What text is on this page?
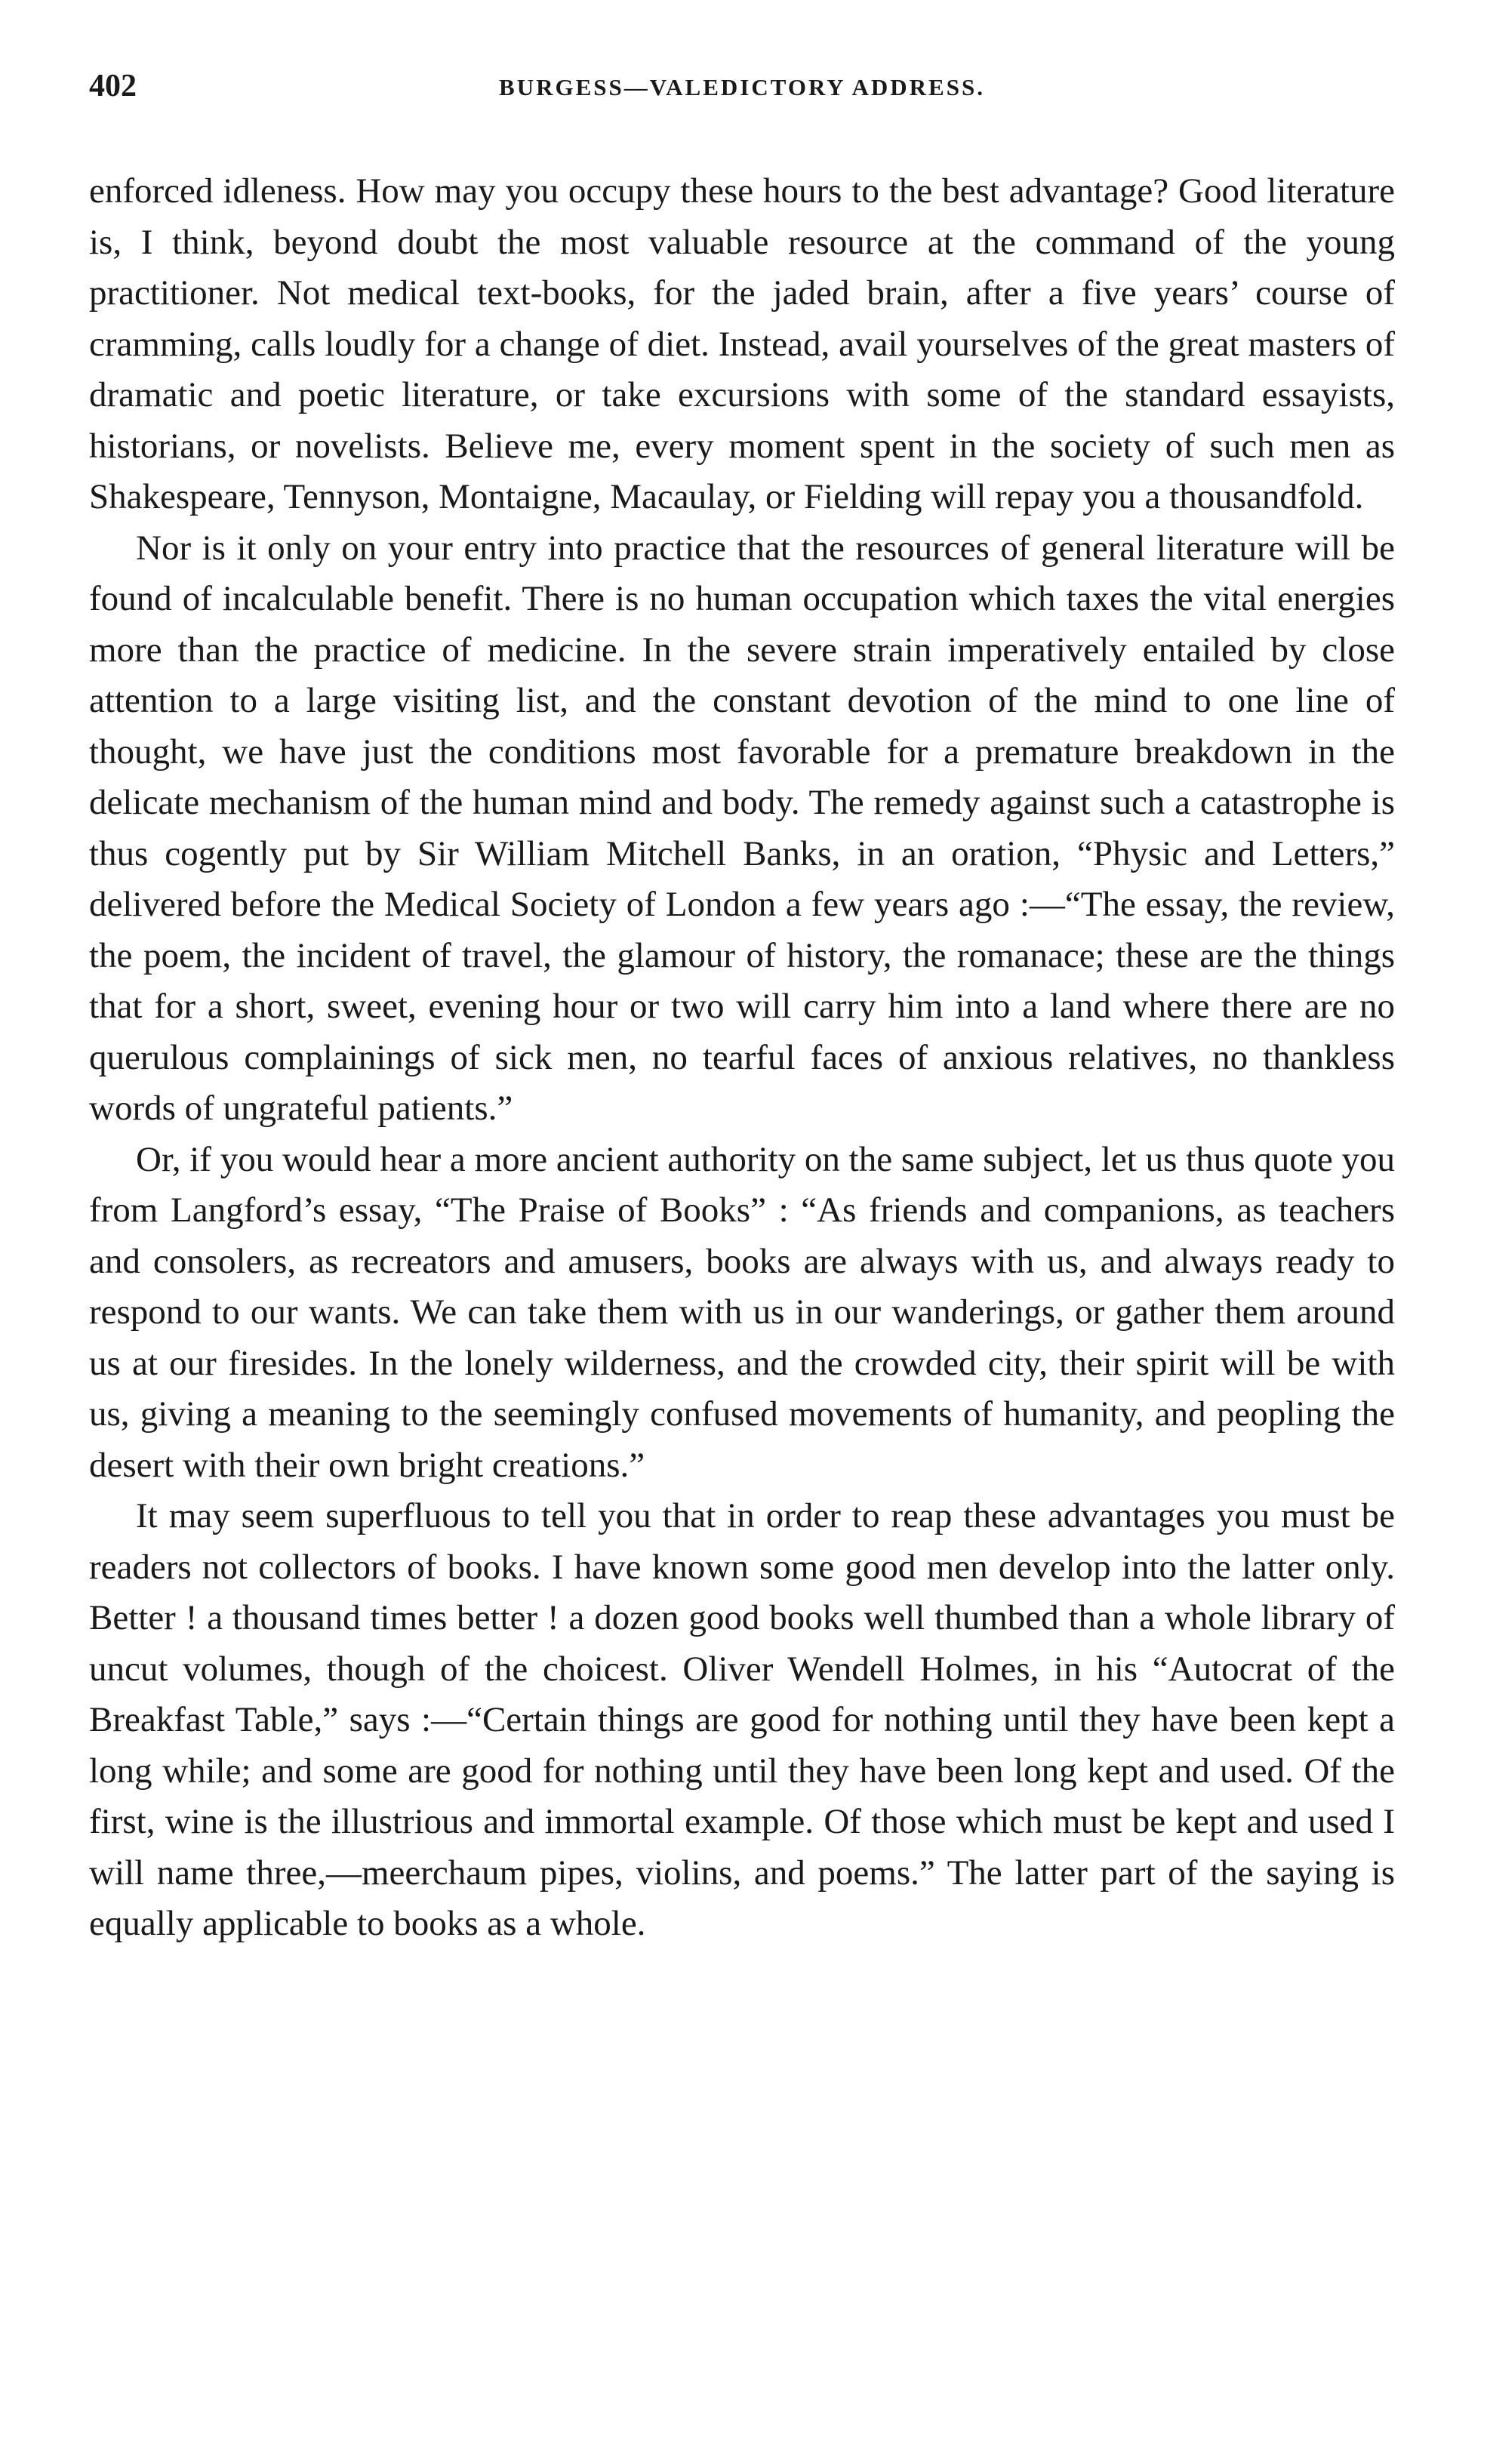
402	BURGESS—VALEDICTORY ADDRESS.

enforced idleness. How may you occupy these hours to the best advantage? Good literature is, I think, beyond doubt the most valuable resource at the command of the young practitioner. Not medical text-books, for the jaded brain, after a five years’ course of cramming, calls loudly for a change of diet. Instead, avail yourselves of the great masters of dramatic and poetic literature, or take excursions with some of the standard essayists, historians, or novelists. Believe me, every moment spent in the society of such men as Shakespeare, Tennyson, Montaigne, Macaulay, or Fielding will repay you a thousandfold.

Nor is it only on your entry into practice that the resources of general literature will be found of incalculable benefit. There is no human occupation which taxes the vital energies more than the practice of medicine. In the severe strain imperatively entailed by close attention to a large visiting list, and the constant devotion of the mind to one line of thought, we have just the conditions most favorable for a premature breakdown in the delicate mechanism of the human mind and body. The remedy against such a catastrophe is thus cogently put by Sir William Mitchell Banks, in an oration, “Physic and Letters,” delivered before the Medical Society of London a few years ago :—“The essay, the review, the poem, the incident of travel, the glamour of history, the romanace; these are the things that for a short, sweet, evening hour or two will carry him into a land where there are no querulous complainings of sick men, no tearful faces of anxious relatives, no thankless words of ungrateful patients.”

Or, if you would hear a more ancient authority on the same subject, let us thus quote you from Langford’s essay, “The Praise of Books” : “As friends and companions, as teachers and consolers, as recreators and amusers, books are always with us, and always ready to respond to our wants. We can take them with us in our wanderings, or gather them around us at our firesides. In the lonely wilderness, and the crowded city, their spirit will be with us, giving a meaning to the seemingly confused movements of humanity, and peopling the desert with their own bright creations.”

It may seem superfluous to tell you that in order to reap these advantages you must be readers not collectors of books. I have known some good men develop into the latter only. Better ! a thousand times better ! a dozen good books well thumbed than a whole library of uncut volumes, though of the choicest. Oliver Wendell Holmes, in his “Autocrat of the Breakfast Table,” says :—“Certain things are good for nothing until they have been kept a long while; and some are good for nothing until they have been long kept and used. Of the first, wine is the illustrious and immortal example. Of those which must be kept and used I will name three,—meerchaum pipes, violins, and poems.” The latter part of the saying is equally applicable to books as a whole.
